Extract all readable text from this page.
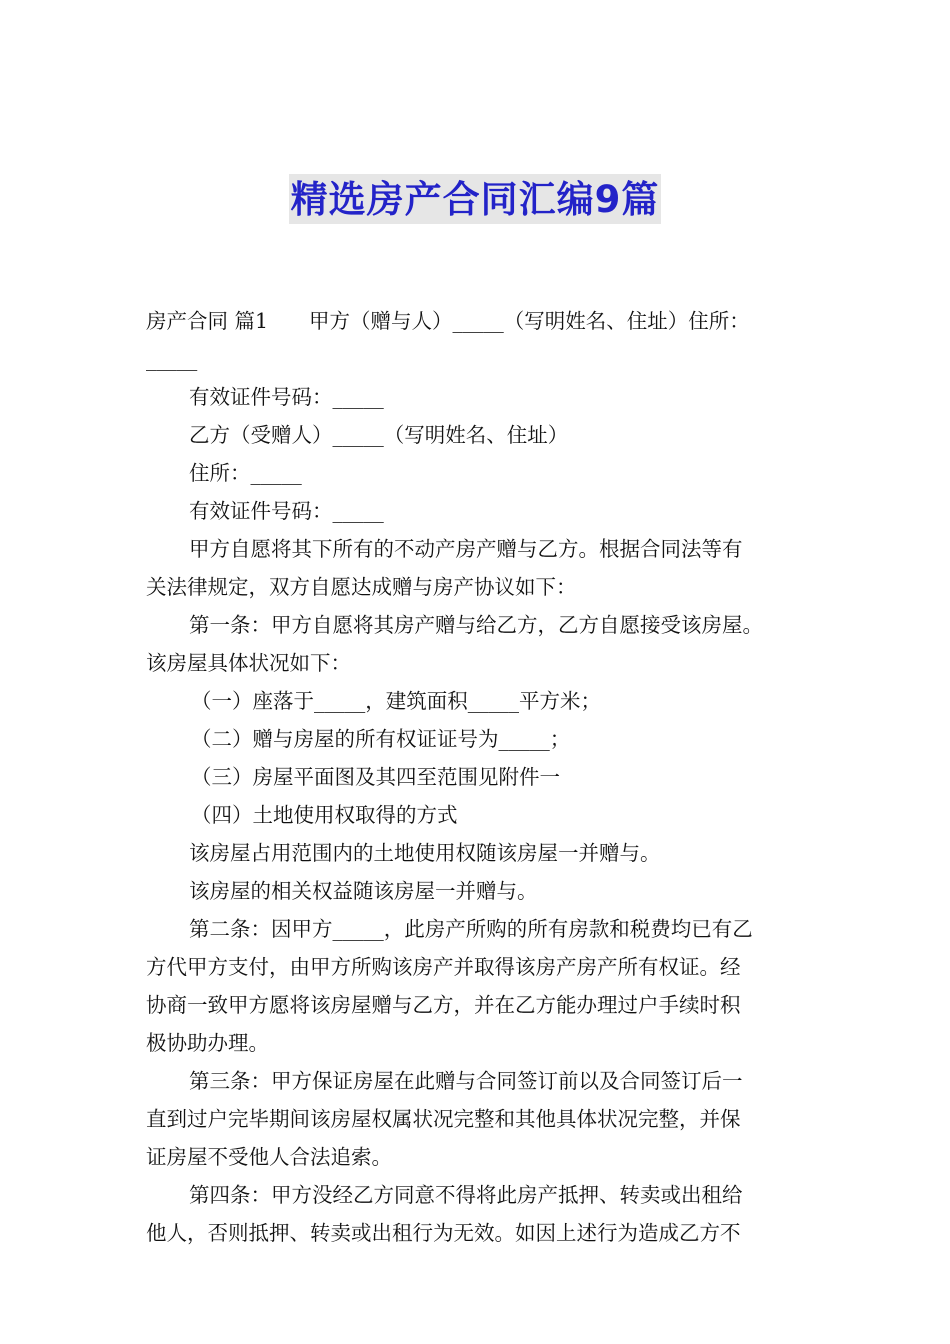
精选房产合同汇编9篇
房产合同 篇1　　甲方（赠与人）_____（写明姓名、住址）住所：
_____
有效证件号码：_____
乙方（受赠人）_____（写明姓名、住址）
住所：_____
有效证件号码：_____
甲方自愿将其下所有的不动产房产赠与乙方。根据合同法等有
关法律规定，双方自愿达成赠与房产协议如下：
第一条：甲方自愿将其房产赠与给乙方，乙方自愿接受该房屋。
该房屋具体状况如下：
（一）座落于_____，建筑面积_____平方米；
（二）赠与房屋的所有权证证号为_____；
（三）房屋平面图及其四至范围见附件一
（四）土地使用权取得的方式
该房屋占用范围内的土地使用权随该房屋一并赠与。
该房屋的相关权益随该房屋一并赠与。
第二条：因甲方_____，此房产所购的所有房款和税费均已有乙
方代甲方支付，由甲方所购该房产并取得该房产房产所有权证。经
协商一致甲方愿将该房屋赠与乙方，并在乙方能办理过户手续时积
极协助办理。
第三条：甲方保证房屋在此赠与合同签订前以及合同签订后一
直到过户完毕期间该房屋权属状况完整和其他具体状况完整，并保
证房屋不受他人合法追索。
第四条：甲方没经乙方同意不得将此房产抵押、转卖或出租给
他人，否则抵押、转卖或出租行为无效。如因上述行为造成乙方不
